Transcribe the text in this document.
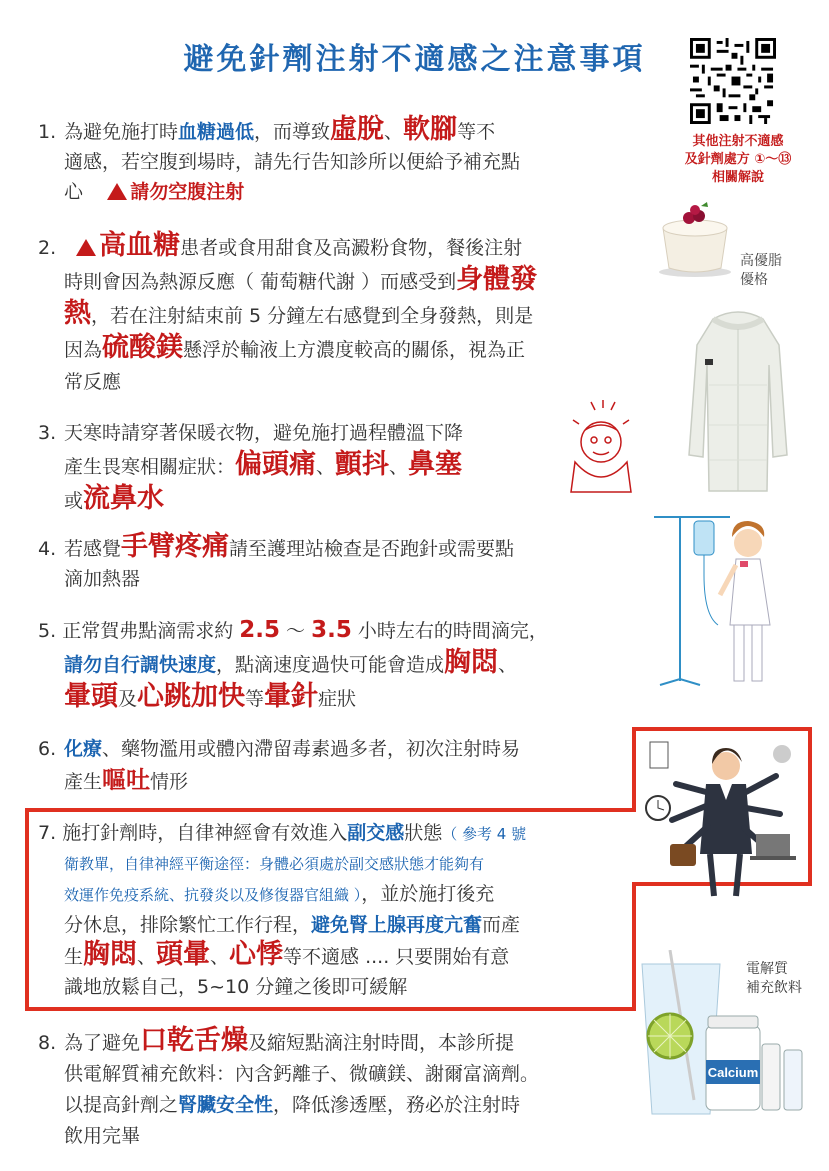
避免針劑注射不適感之注意事項
其他注射不適感
及針劑處方 ①～⑬
相關解說
1. 為避免施打時血糖過低，而導致虛脫、軟腳等不
適感，若空腹到場時，請先行告知診所以便給予補充點
心 請勿空腹注射
2. 高血糖患者或食用甜食及高澱粉食物，餐後注射
時則會因為熱源反應（ 葡萄糖代謝 ）而感受到身體發
熱，若在注射結束前 5 分鐘左右感覺到全身發熱，則是
因為硫酸鎂懸浮於輸液上方濃度較高的關係，視為正
常反應
3. 天寒時請穿著保暖衣物，避免施打過程體溫下降
產生畏寒相關症狀：偏頭痛、顫抖、鼻塞
或流鼻水
4. 若感覺手臂疼痛請至護理站檢查是否跑針或需要點
滴加熱器
5. 正常賀弗點滴需求約 2.5 ～ 3.5 小時左右的時間滴完，
請勿自行調快速度，點滴速度過快可能會造成胸悶、
暈頭及心跳加快等暈針症狀
6. 化療、藥物濫用或體內滯留毒素過多者，初次注射時易
產生嘔吐情形
7. 施打針劑時，自律神經會有效進入副交感狀態（ 參考 4 號
衛教單，自律神經平衡途徑：身體必須處於副交感狀態才能夠有
效運作免疫系統、抗發炎以及修復器官組織 ），並於施打後充
分休息，排除繁忙工作行程，避免腎上腺再度亢奮而產
生胸悶、頭暈、心悸等不適感 .... 只要開始有意
識地放鬆自己，5~10 分鐘之後即可緩解
8. 為了避免口乾舌燥及縮短點滴注射時間，本診所提
供電解質補充飲料：內含鈣離子、微礦鎂、謝爾富滴劑。
以提高針劑之腎臟安全性，降低滲透壓，務必於注射時
飲用完畢
高優脂
優格
電解質
補充飲料
Calcium
